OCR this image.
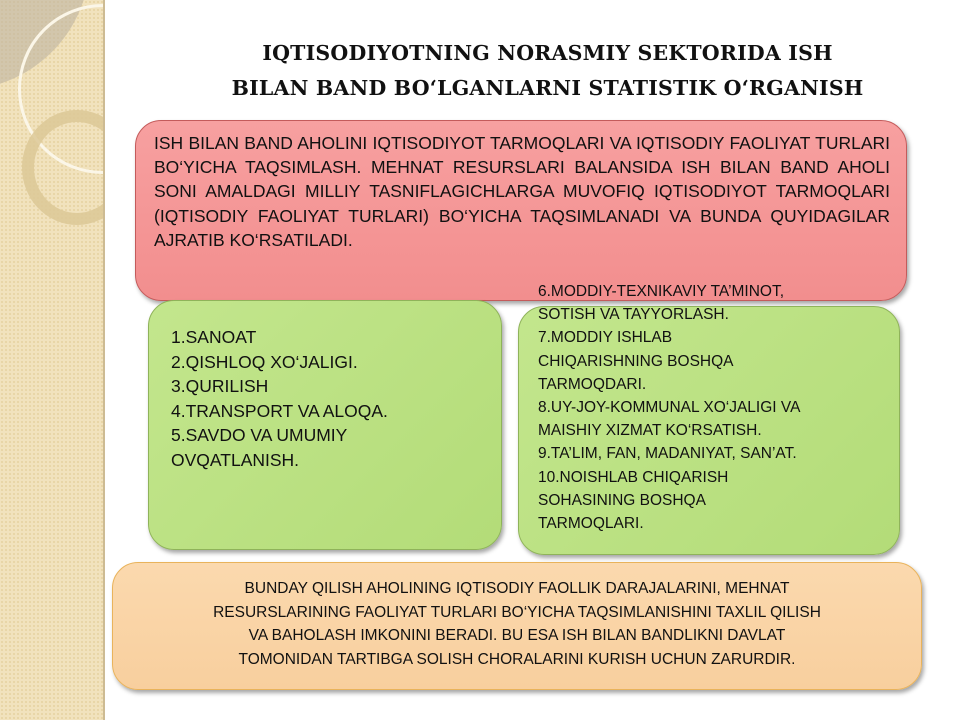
IQTISODIYOTNING NORASMIY SEKTORIDA ISH
BILAN BAND BO‘LGANLARNI STATISTIK O‘RGANISH
ISH BILAN BAND AHOLINI IQTISODIYOT TARMOQLARI VA IQTISODIY FAOLIYAT TURLARI BO‘YICHA TAQSIMLASH. MEHNAT RESURSLARI BALANSIDA ISH BILAN BAND AHOLI SONI AMALDAGI MILLIY TASNIFLAGICHLARGA MUVOFIQ IQTISODIYOT TARMOQLARI (IQTISODIY FAOLIYAT TURLARI) BO‘YICHA TAQSIMLANADI VA BUNDA QUYIDAGILAR AJRATIB KO‘RSATILADI.
1.SANOAT
2.QISHLOQ XO‘JALIGI.
3.QURILISH
4.TRANSPORT VA ALOQA.
5.SAVDO VA UMUMIY
OVQATLANISH.
6.MODDIY-TEXNIKAVIY TA’MINOT,
SOTISH VA TAYYORLASH.
7.MODDIY ISHLAB
CHIQARISHNING BOSHQA
TARMOQDARI.
8.UY-JOY-KOMMUNAL XO‘JALIGI VA
MAISHIY XIZMAT KO‘RSATISH.
9.TA’LIM, FAN, MADANIYAT, SAN’AT.
10.NOISHLAB CHIQARISH
SOHASINING BOSHQA
TARMOQLARI.
BUNDAY QILISH AHOLINING IQTISODIY FAOLLIK DARAJALARINI, MEHNAT
RESURSLARINING FAOLIYAT TURLARI BO‘YICHA TAQSIMLANISHINI TAXLIL QILISH
VA BAHOLASH IMKONINI BERADI. BU ESA ISH BILAN BANDLIKNI DAVLAT
TOMONIDAN TARTIBGA SOLISH CHORALARINI KURISH UCHUN ZARURDIR.
